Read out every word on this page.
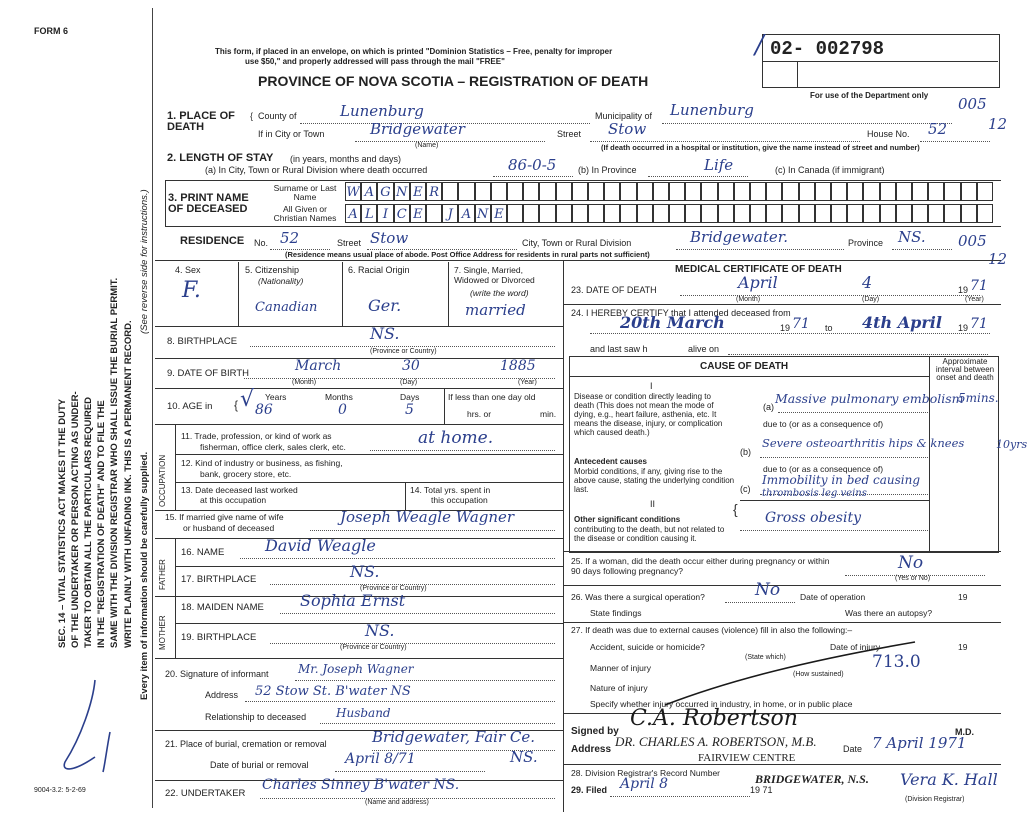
FORM 6
SEC. 14 – VITAL STATISTICS ACT MAKES IT THE DUTY OF THE UNDERTAKER OR PERSON ACTING AS UNDER- TAKER TO OBTAIN ALL THE PARTICULARS REQUIRED IN THE "REGISTRATION OF DEATH" AND TO FILE THE SAME WITH THE DIVISION REGISTRAR WHO SHALL ISSUE THE BURIAL PERMIT. WRITE PLAINLY WITH UNFADING INK. THIS IS A PERMANENT RECORD. Every item of information should be carefully supplied.
(See reverse side for instructions.)
9004-3.2: 5-2-69
This form, if placed in an envelope, on which is printed "Dominion Statistics – Free, penalty for improper
use $50," and properly addressed will pass through the mail "FREE"
PROVINCE OF NOVA SCOTIA – REGISTRATION OF DEATH
02- 002798
/
For use of the Department only 005
12
005
12
1. PLACE OF DEATH
{ County of	Lunenburg	Municipality of Lunenburg
If in City or Town	Bridgewater
(Name)
Street Stow	House No. 52
(If death occurred in a hospital or institution, give the name instead of street and number)
2. LENGTH OF STAY (in years, months and days)
(a) In City, Town or Rural Division where death occurred	86-0-5 (b) In Province	Life	(c) In Canada (if immigrant)
3. PRINT NAME OF DECEASED
Surname or Last Name
All Given or Christian Names
W A G N E R
A L I C E	J A N E
RESIDENCE No. 52	Street Stow	City, Town or Rural Division	Bridgewater.	Province NS.
(Residence means usual place of abode. Post Office Address for residents in rural parts not sufficient)
4. Sex
F.
5. Citizenship
(Nationality)
Canadian
6. Racial Origin
Ger.
7. Single, Married, Widowed or Divorced
(write the word)
married
8. BIRTHPLACE	NS.
(Province or Country)
9. DATE OF BIRTH	March	30	1885
(Month)	(Day)	(Year)
10. AGE in {
Years	Months	Days
86	0	5
√	If less than one day old
hrs. or	min.
OCCUPATION
11. Trade, profession, or kind of work as
fisherman, office clerk, sales clerk, etc.	at home.
12. Kind of industry or business, as fishing,
bank, grocery store, etc.
13. Date deceased last worked
at this occupation
14. Total yrs. spent in
this occupation
15. If married give name of wife
or husband of deceased
Joseph Weagle Wagner
FATHER
MOTHER
16. NAME	David Weagle
17. BIRTHPLACE	NS.
(Province or Country)
18. MAIDEN NAME Sophia Ernst
19. BIRTHPLACE	NS.
(Province or Country)
20. Signature of informant Mr. Joseph Wagner
Address 52 Stow St. B'water NS
Relationship to deceased Husband
21. Place of burial, cremation or removal	Bridgewater, Fair Ce.
NS.
Date of burial or removal	April 8/71
22. UNDERTAKER
Charles Sinney B'water NS.
(Name and address)
MEDICAL CERTIFICATE OF DEATH
23. DATE OF DEATH	April	4	19 71
(Month)	(Day)	(Year)
24. I HEREBY CERTIFY that I attended deceased from
20th March	19 71 to 4th April 19 71
and last saw h	alive on
CAUSE OF DEATH	Approximate interval between onset and death
I
Disease or condition directly leading to death (This does not mean the mode of dying, e.g., heart failure, asthenia, etc. It means the disease, injury, or complication which caused death.)
Antecedent causes
Morbid conditions, if any, giving rise to the above cause, stating the underlying condition last.
II
Other significant conditions
contributing to the death, but not related to the disease or condition causing it.
(a)
Massive pulmonary embolism
5mins.
due to (or as a consequence of)
(b)
Severe osteoarthritis hips & knees	10yrs
due to (or as a consequence of)
(c)
Immobility in bed causing
thrombosis leg veins
Gross obesity
{
25. If a woman, did the death occur either during pregnancy or within 90 days following pregnancy?	No
(Yes or No)
26. Was there a surgical operation?	No Date of operation	19
State findings	Was there an autopsy?
27. If death was due to external causes (violence) fill in also the following:–
Accident, suicide or homicide?	Date of injury	19
(State which)
Manner of injury	713.0
(How sustained)
Nature of injury
Specify whether injury occurred in industry, in home, or in public place
Signed by
C.A. Robertson
M.D.
Address
DR. CHARLES A. ROBERTSON, M.B.	Date 7 April 1971
FAIRVIEW CENTRE
28. Division Registrar's Record Number	BRIDGEWATER, N.S.
29. Filed April 8	19 71
Vera K. Hall
(Division Registrar)
